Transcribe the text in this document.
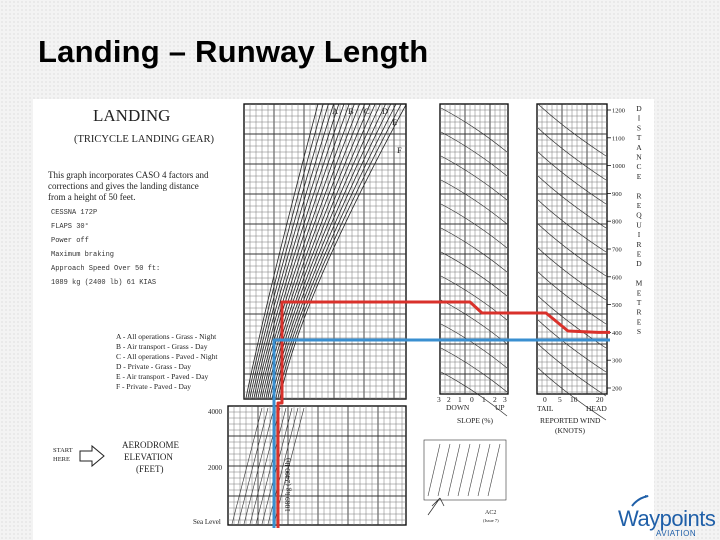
Landing – Runway Length
LANDING
(TRICYCLE LANDING GEAR)
This graph incorporates CASO 4 factors and
corrections and gives the landing distance
from a height of 50 feet.
CESSNA 172P
FLAPS 30°
Power off
Maximum braking
Approach Speed Over 50 ft:
1089 kg (2400 lb) 61 KIAS
A - All operations - Grass - Night
B - Air transport - Grass - Day
C - All operations - Paved - Night
D - Private - Grass - Day
E - Air transport - Paved - Day
F - Private - Paved - Day
START
HERE
AERODROME
ELEVATION
(FEET)
4000
2000
Sea Level
1089 kg (2400 lb)
3 2 1 0 1 2 3
DOWN	UP
SLOPE (%)
0 5 10 20
TAIL	HEAD
REPORTED WIND
(KNOTS)
AC2
(Issue 7)
1200
1100
1000
900
800
700
600
500
400
300
200
D
I
S
T
A
N
C
E
R
E
Q
U
I
R
E
D
M
E
T
R
E
S
A B C D
E
F
Waypoints
AVIATION
